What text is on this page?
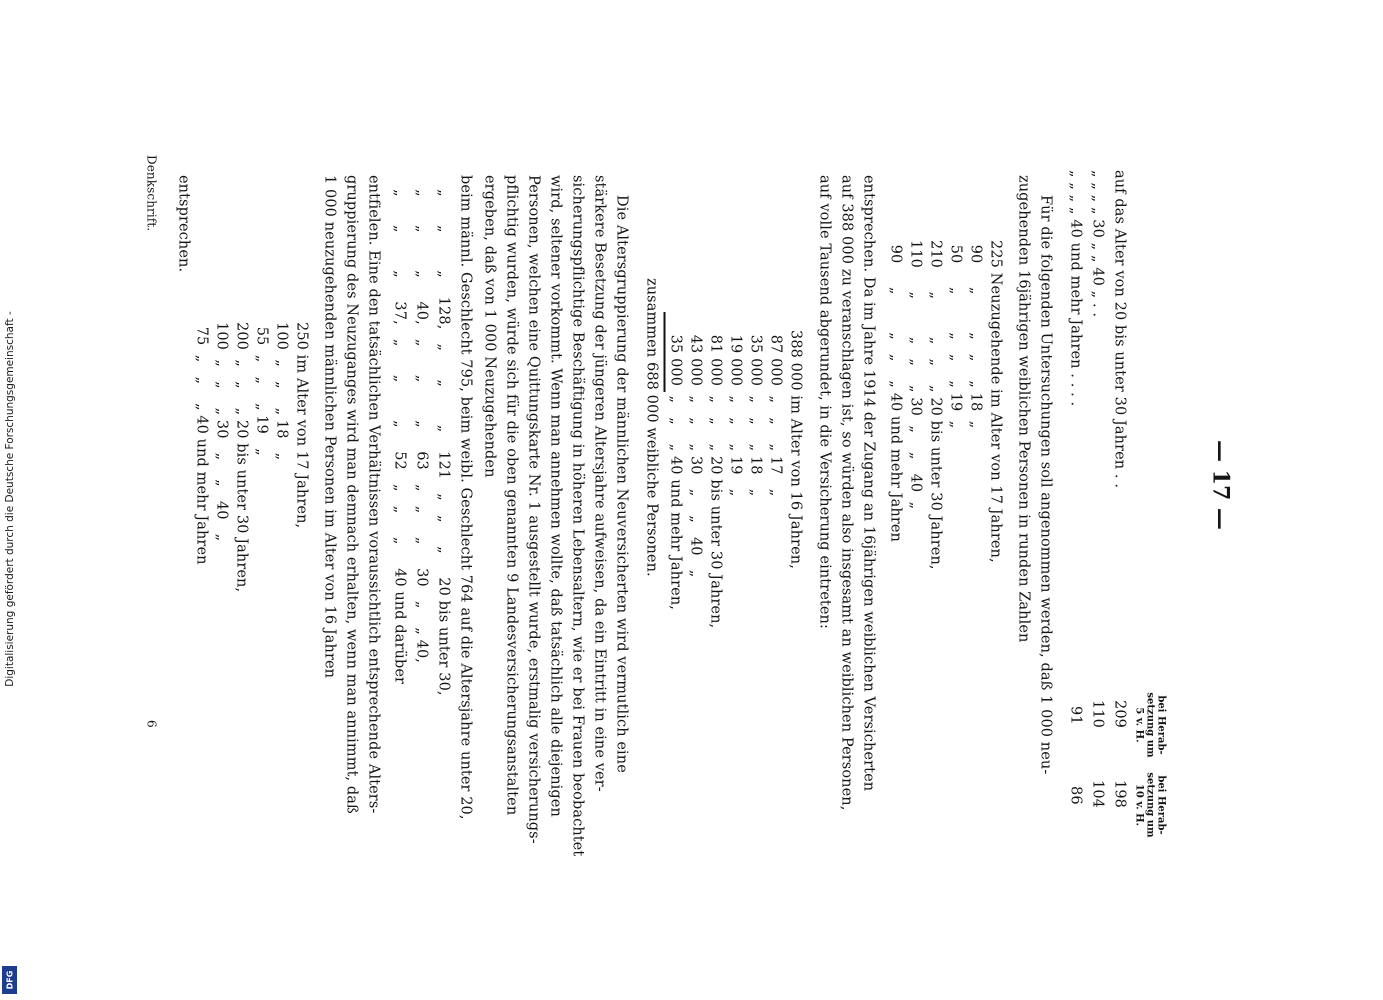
— 17 —
bei Herab-
setzung um
5 v. H.
bei Herab-
setzung um
10 v. H.
auf das Alter von 20 bis unter 30 Jahren . .
209
198
„ „ „ „ 30 „ „ 40 „ . .
110
104
„ „ „ „ 40 und mehr Jahren . . . .
91
86
Für die folgenden Untersuchungen soll angenommen werden, daß 1 000 neu-
zugehenden 16jährigen weiblichen Personen in runden Zahlen
225 Neuzugehende im Alter von 17 Jahren,
90     „        „   „    „ 18  „
50     „        „   „    „ 19  „
210     „        „   „    „ 20 bis unter 30 Jahren,
110     „        „   „    „ 30  „    „   40  „
90     „        „   „    „ 40 und mehr Jahren
entsprechen. Da im Jahre 1914 der Zugang an 16jährigen weiblichen Versicherten
auf 388 000 zu veranschlagen ist, so würden also insgesamt an weiblichen Personen,
auf volle Tausend abgerundet, in die Versicherung eintreten:
388 000 im Alter von 16 Jahren,
87 000  „   „    „ 17   „
35 000  „   „    „ 18   „
19 000  „   „    „ 19   „
81 000  „   „    „ 20 bis unter 30 Jahren,
43 000  „   „    „ 30   „    „   40   „
35 000  „   „    „ 40 und mehr Jahren,
zusammen 688 000 weibliche Personen.
Die Altersgruppierung der männlichen Neuversicherten wird vermutlich eine
stärkere Besetzung der jüngeren Altersjahre aufweisen, da ein Eintritt in eine ver-
sicherungspflichtige Beschäftigung in höheren Lebensaltern, wie er bei Frauen beobachtet
wird, seltener vorkommt. Wenn man annehmen wollte, daß tatsächlich alle diejenigen
Personen, welchen eine Quittungskarte Nr. 1 ausgestellt wurde, erstmalig versicherungs-
pflichtig wurden, würde sich für die oben genannten 9 Landesversicherungsanstalten
ergeben, daß von 1 000 Neuzugehenden
beim männl. Geschlecht 795, beim weibl. Geschlecht 764 auf die Altersjahre unter 20,
„      „        „    128,   „      „        „    121   „   „     „     20 bis unter 30,
„      „        „     40,   „      „        „     63   „   „     „     30   „    „ 40,
„      „        „     37,   „      „        „     52   „   „     „     40 und darüber
entfielen. Eine den tatsächlichen Verhältnissen voraussichtlich entsprechende Alters-
gruppierung des Neuzuganges wird man demnach erhalten, wenn man annimmt, daß
1 000 neuzugehenden männlichen Personen im Alter von 16 Jahren
250 im Alter von 17 Jahren,
100  „   „    „ 18   „
55  „   „    „ 19   „
200  „   „    „ 20 bis unter 30 Jahren,
100  „   „    „ 30   „    „   40   „
75  „   „    „ 40 und mehr Jahren
entsprechen.
Denkschrift.
6
Digitalisierung gefördert durch die Deutsche Forschungsgemeinschaft -
DFG
